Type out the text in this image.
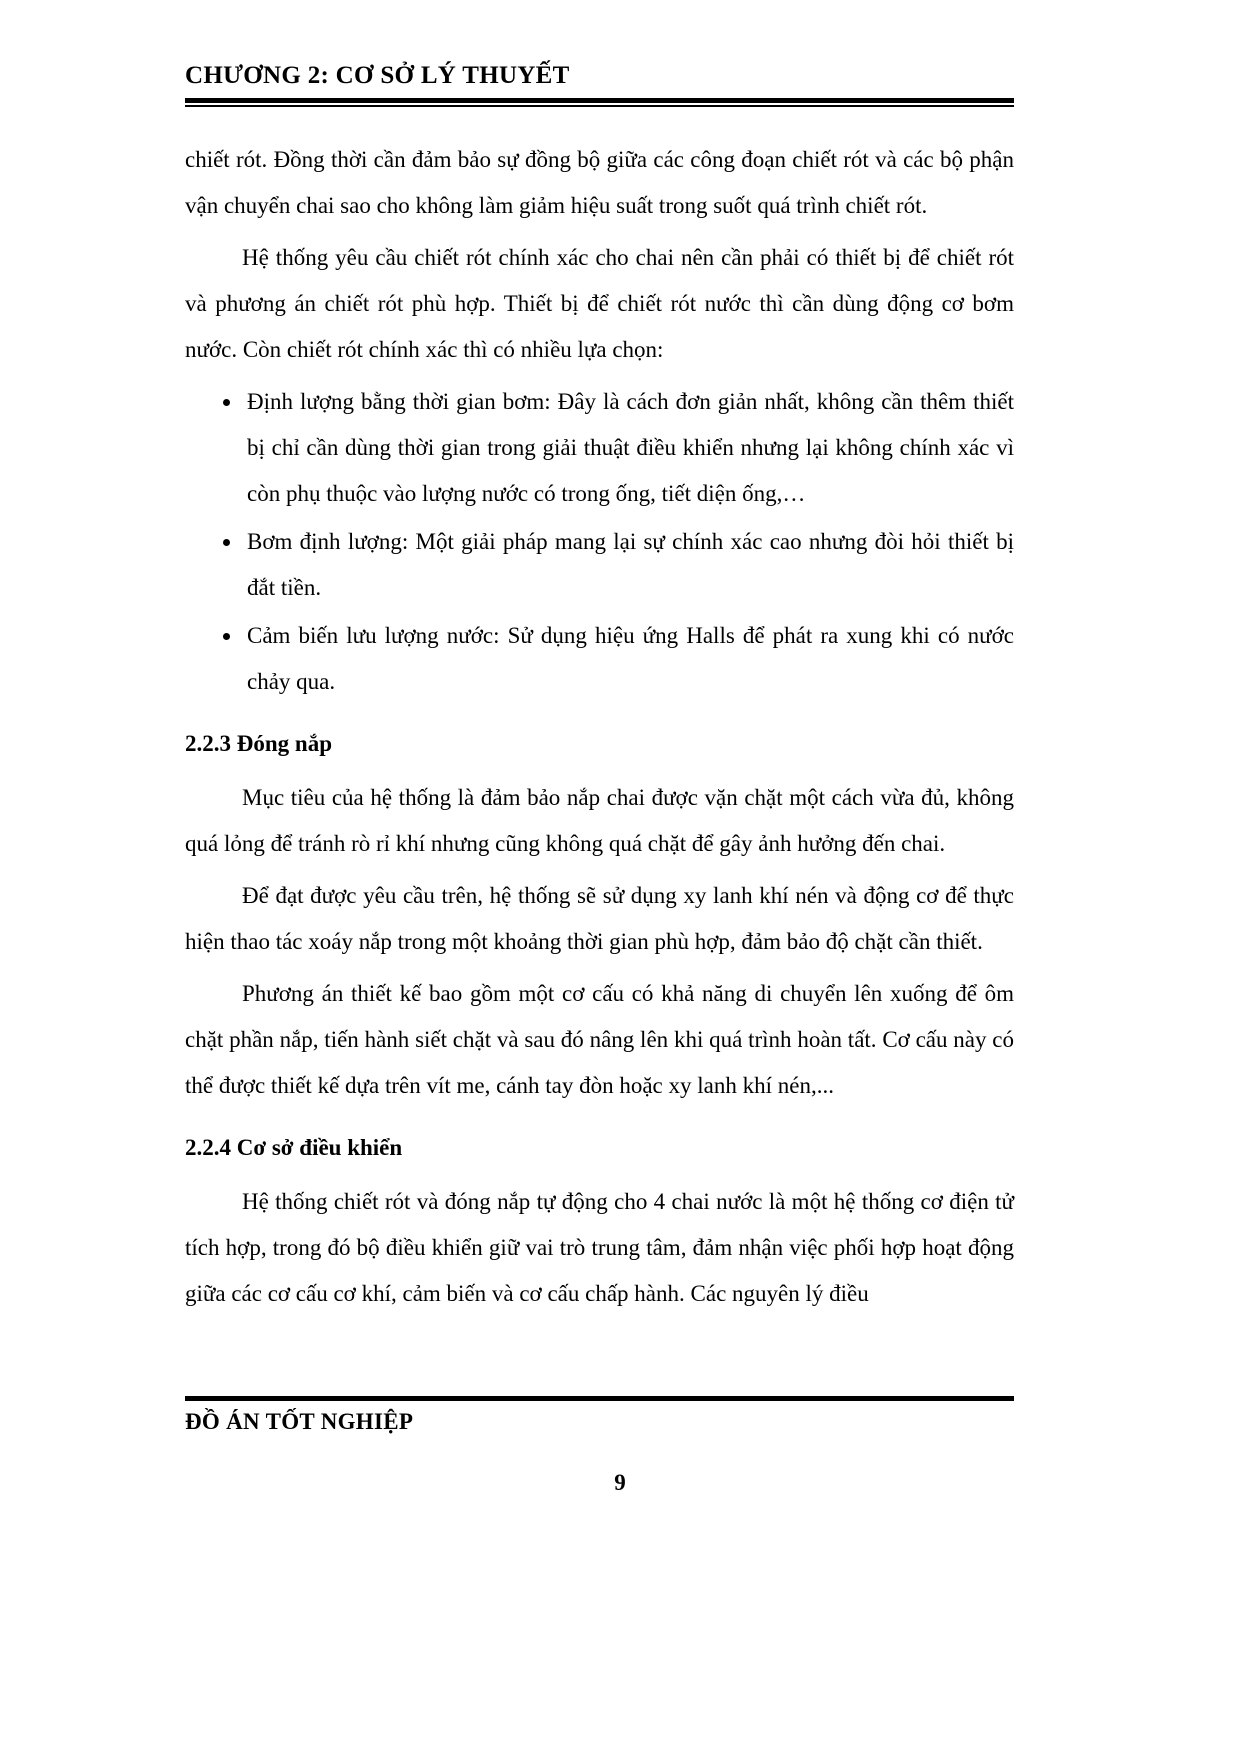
CHƯƠNG 2: CƠ SỞ LÝ THUYẾT

chiết rót. Đồng thời cần đảm bảo sự đồng bộ giữa các công đoạn chiết rót và các bộ phận vận chuyển chai sao cho không làm giảm hiệu suất trong suốt quá trình chiết rót.

Hệ thống yêu cầu chiết rót chính xác cho chai nên cần phải có thiết bị để chiết rót và phương án chiết rót phù hợp. Thiết bị để chiết rót nước thì cần dùng động cơ bơm nước. Còn chiết rót chính xác thì có nhiều lựa chọn:

• Định lượng bằng thời gian bơm: Đây là cách đơn giản nhất, không cần thêm thiết bị chỉ cần dùng thời gian trong giải thuật điều khiển nhưng lại không chính xác vì còn phụ thuộc vào lượng nước có trong ống, tiết diện ống,…
• Bơm định lượng: Một giải pháp mang lại sự chính xác cao nhưng đòi hỏi thiết bị đắt tiền.
• Cảm biến lưu lượng nước: Sử dụng hiệu ứng Halls để phát ra xung khi có nước chảy qua.
2.2.3 Đóng nắp

Mục tiêu của hệ thống là đảm bảo nắp chai được vặn chặt một cách vừa đủ, không quá lỏng để tránh rò rỉ khí nhưng cũng không quá chặt để gây ảnh hưởng đến chai.

Để đạt được yêu cầu trên, hệ thống sẽ sử dụng xy lanh khí nén và động cơ để thực hiện thao tác xoáy nắp trong một khoảng thời gian phù hợp, đảm bảo độ chặt cần thiết.

Phương án thiết kế bao gồm một cơ cấu có khả năng di chuyển lên xuống để ôm chặt phần nắp, tiến hành siết chặt và sau đó nâng lên khi quá trình hoàn tất. Cơ cấu này có thể được thiết kế dựa trên vít me, cánh tay đòn hoặc xy lanh khí nén,...

2.2.4 Cơ sở điều khiển

Hệ thống chiết rót và đóng nắp tự động cho 4 chai nước là một hệ thống cơ điện tử tích hợp, trong đó bộ điều khiển giữ vai trò trung tâm, đảm nhận việc phối hợp hoạt động giữa các cơ cấu cơ khí, cảm biến và cơ cấu chấp hành. Các nguyên lý điều

ĐỒ ÁN TỐT NGHIỆP
9
